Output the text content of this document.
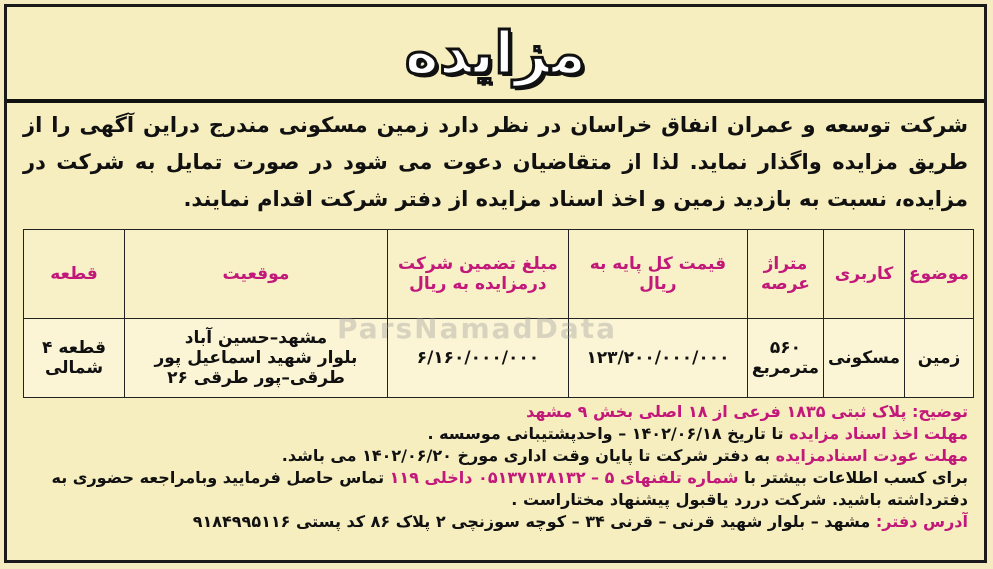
مزایده
شرکت توسعه و عمران انفاق خراسان در نظر دارد زمین مسکونی مندرج دراین آگهی را از طریق مزایده واگذار نماید. لذا از متقاضیان دعوت می شود در صورت تمایل به شرکت در مزایده، نسبت به بازدید زمین و اخذ اسناد مزایده از دفتر شرکت اقدام نمایند.
موضوع	کاربری	متراژ عرصه	قیمت کل پایه به ریال	مبلغ تضمین شرکت درمزایده به ریال	موقعیت	قطعه
زمین	مسکونی	۵۶۰ مترمربع	۱۲۳/۲۰۰/۰۰۰/۰۰۰	۶/۱۶۰/۰۰۰/۰۰۰	مشهد–حسین آباد
بلوار شهید اسماعیل پور طرقی–پور طرقی ۲۶	قطعه ۴ شمالی
ParsNamadData
توضیح: پلاک ثبتی ۱۸۳۵ فرعی از ۱۸ اصلی بخش ۹ مشهد
مهلت اخذ اسناد مزایده تا تاریخ ۱۴۰۲/۰۶/۱۸ – واحدپشتیبانی موسسه .
مهلت عودت اسنادمزایده به دفتر شرکت تا پایان وقت اداری مورخ ۱۴۰۲/۰۶/۲۰ می باشد.
برای کسب اطلاعات بیشتر با شماره تلفنهای ۵ – ۰۵۱۳۷۱۳۸۱۳۲ داخلی ۱۱۹ تماس حاصل فرمایید وبامراجعه حضوری به
دفترداشته باشید. شرکت دررد یاقبول پیشنهاد مختاراست .
آدرس دفتر: مشهد – بلوار شهید قرنی – قرنی ۳۴ – کوچه سوزنچی ۲ پلاک ۸۶ کد پستی ۹۱۸۴۹۹۵۱۱۶
